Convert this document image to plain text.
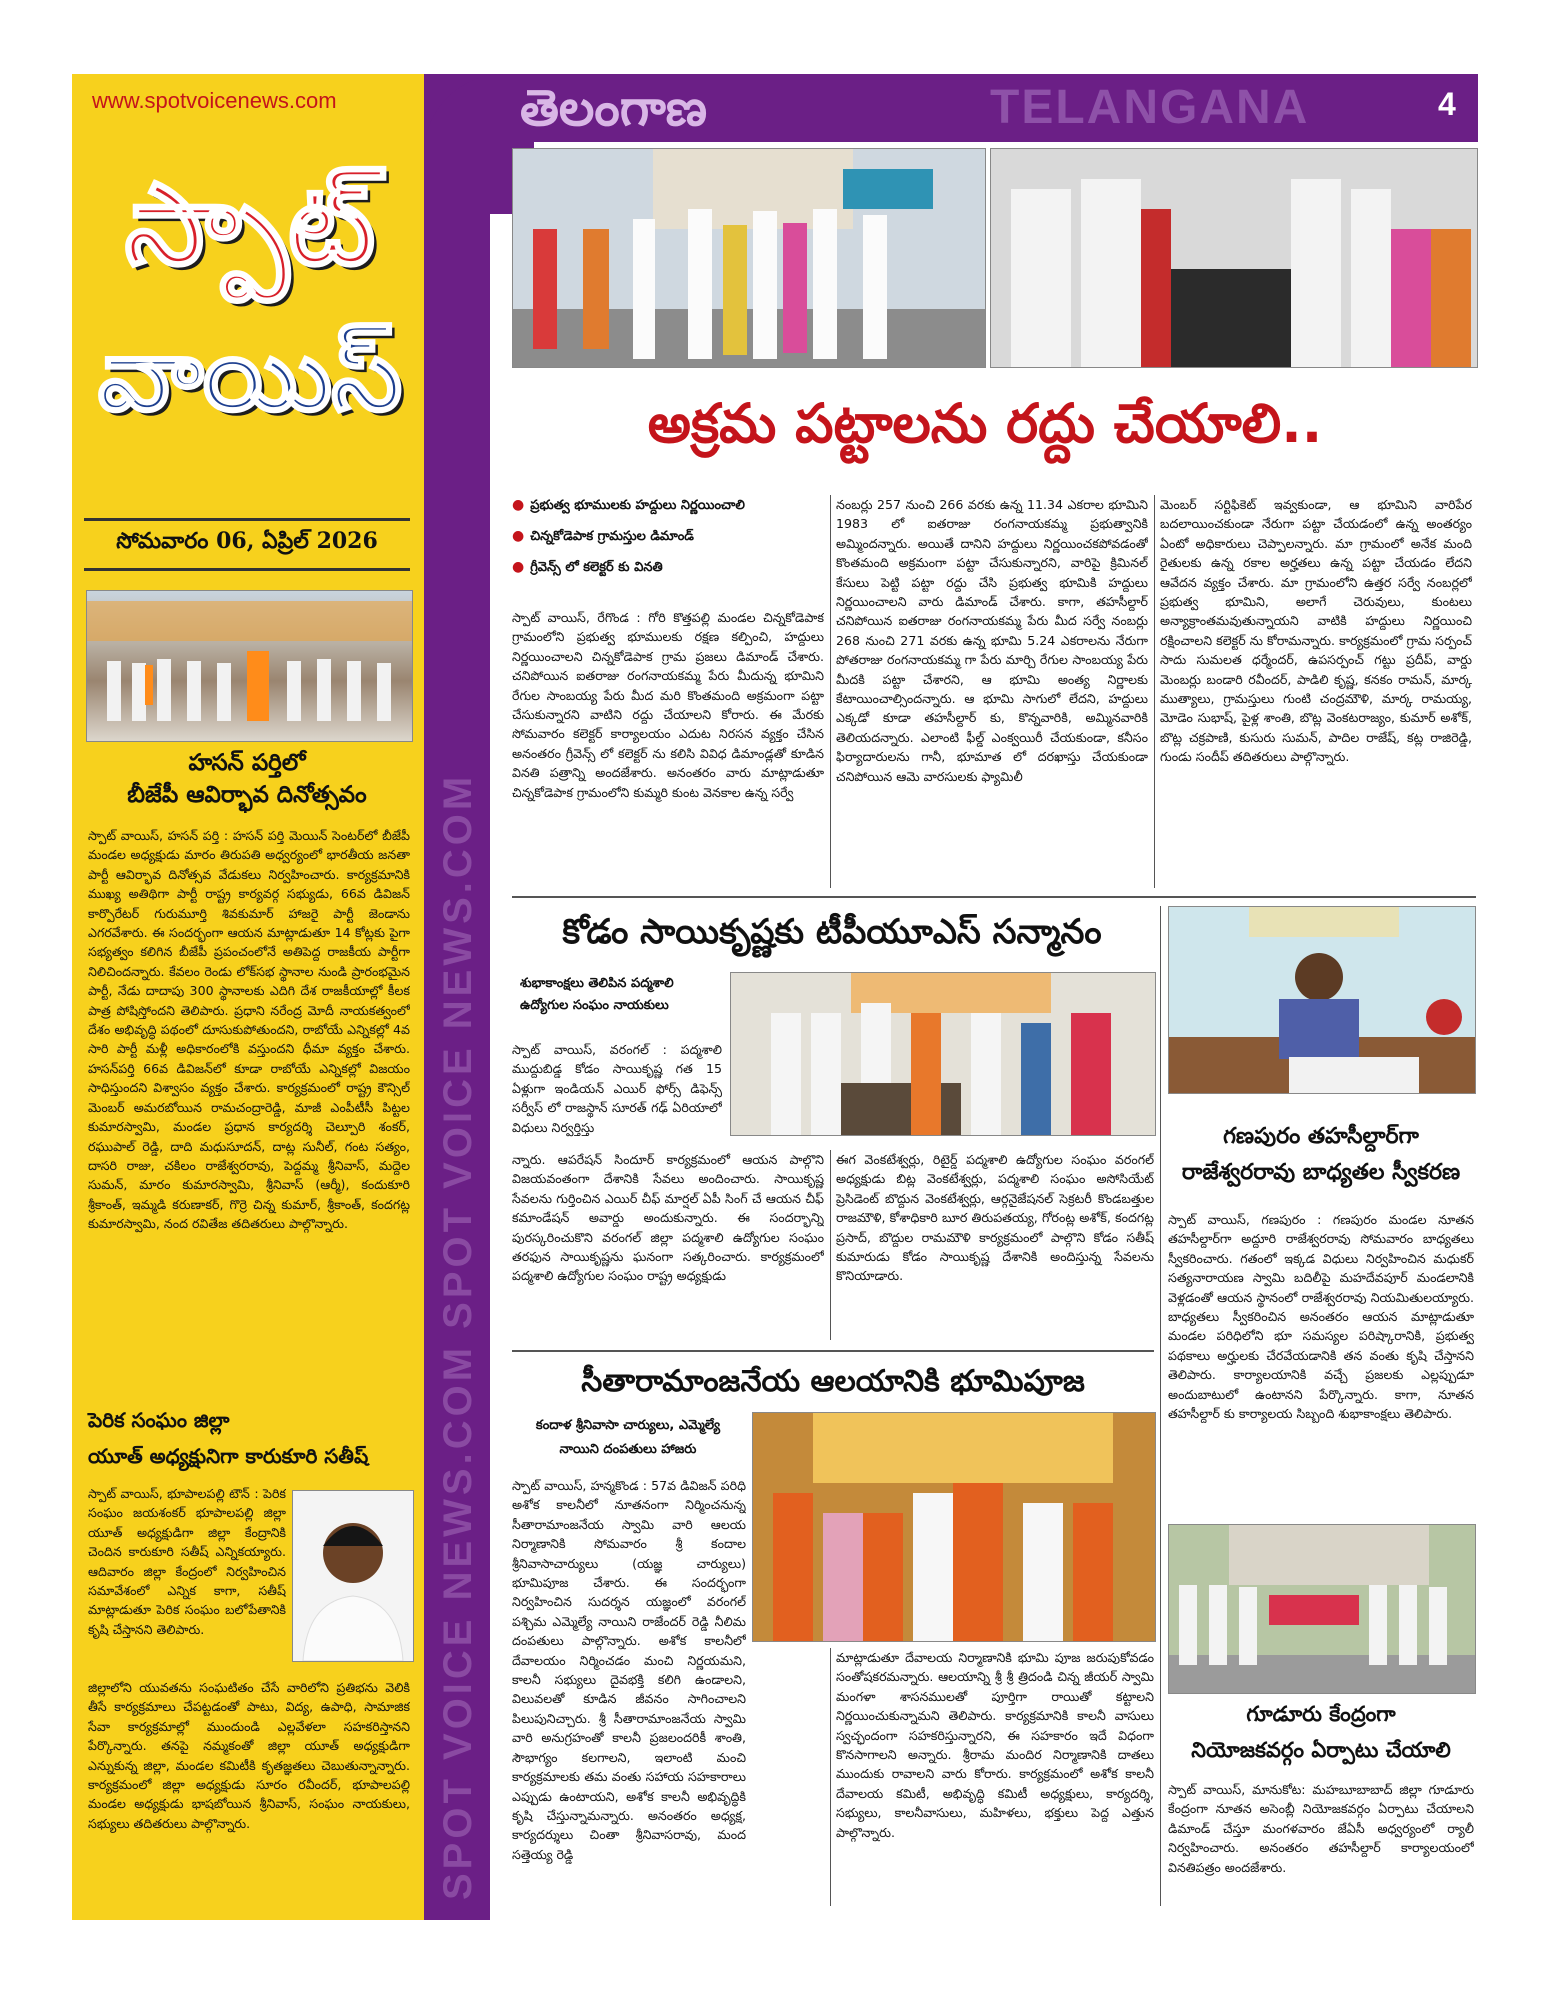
www.spotvoicenews.com
స్పాట్
వాయిస్
సోమవారం 06, ఏప్రిల్ 2026
హసన్ పర్తిలో
బీజేపీ ఆవిర్భావ దినోత్సవం
స్పాట్ వాయిస్, హసన్ పర్తి : హసన్ పర్తి మెయిన్ సెంటర్‌లో బీజేపీ మండల అధ్యక్షుడు మారం తిరుపతి అధ్వర్యంలో భారతీయ జనతా పార్టీ ఆవిర్భావ దినోత్సవ వేడుకలు నిర్వహించారు. కార్యక్రమానికి ముఖ్య అతిథిగా పార్టీ రాష్ట్ర కార్యవర్గ సభ్యుడు, 66వ డివిజన్ కార్పొరేటర్ గురుమూర్తి శివకుమార్ హాజరై పార్టీ జెండాను ఎగరవేశారు. ఈ సందర్భంగా ఆయన మాట్లాడుతూ 14 కోట్లకు పైగా సభ్యత్వం కలిగిన బీజేపీ ప్రపంచంలోనే అతిపెద్ద రాజకీయ పార్టీగా నిలిచిందన్నారు. కేవలం రెండు లోక్‌సభ స్థానాల నుండి ప్రారంభమైన పార్టీ, నేడు దాదాపు 300 స్థానాలకు ఎదిగి దేశ రాజకీయాల్లో కీలక పాత్ర పోషిస్తోందని తెలిపారు. ప్రధాని నరేంద్ర మోదీ నాయకత్వంలో దేశం అభివృద్ధి పథంలో దూసుకుపోతుందని, రాబోయే ఎన్నికల్లో 4వ సారి పార్టీ మళ్లీ అధికారంలోకి వస్తుందని ధీమా వ్యక్తం చేశారు. హసన్‌పర్తి 66వ డివిజన్‌లో కూడా రాబోయే ఎన్నికల్లో విజయం సాధిస్తుందని విశ్వాసం వ్యక్తం చేశారు. కార్యక్రమంలో రాష్ట్ర కౌన్సిల్ మెంబర్ అమరబోయిన రామచంద్రారెడ్డి, మాజీ ఎంపీటీసీ పిట్టల కుమారస్వామి, మండల ప్రధాన కార్యదర్శి చెల్పూరి శంకర్, రఘుపాల్ రెడ్డి, దాది మధుసూదన్, దాట్ల సునీల్, గంట సత్యం, దాసరి రాజు, చకిలం రాజేశ్వరరావు, పెద్దమ్మ శ్రీనివాస్, మద్దెల సుమన్, మారం కుమారస్వామి, శ్రీనివాస్ (ఆర్మీ), కందుకూరి శ్రీకాంత్, ఇమ్మడి కరుణాకర్, గొర్రె చిన్న కుమార్, శ్రీకాంత్, కందగట్ల కుమారస్వామి, నంద రవితేజ తదితరులు పాల్గొన్నారు.
పెరిక సంఘం జిల్లా
యూత్ అధ్యక్షునిగా కారుకూరి సతీష్
స్పాట్ వాయిస్, భూపాలపల్లి టౌన్ : పెరిక సంఘం జయశంకర్ భూపాలపల్లి జిల్లా యూత్ అధ్యక్షుడిగా జిల్లా కేంద్రానికి చెందిన కారుకూరి సతీష్ ఎన్నికయ్యారు. ఆదివారం జిల్లా కేంద్రంలో నిర్వహించిన సమావేశంలో ఎన్నిక కాగా, సతీష్ మాట్లాడుతూ పెరిక సంఘం బలోపేతానికి కృషి చేస్తానని తెలిపారు.
జిల్లాలోని యువతను సంఘటితం చేసే వారిలోని ప్రతిభను వెలికి తీసే కార్యక్రమాలు చేపట్టడంతో పాటు, విద్య, ఉపాధి, సామాజిక సేవా కార్యక్రమాల్లో ముందుండి ఎల్లవేళలా సహకరిస్తానని పేర్కొన్నారు. తనపై నమ్మకంతో జిల్లా యూత్ అధ్యక్షుడిగా ఎన్నుకున్న జిల్లా, మండల కమిటీకి కృతజ్ఞతలు చెబుతున్నాన్నారు. కార్యక్రమంలో జిల్లా అధ్యక్షుడు సూరం రవీందర్, భూపాలపల్లి మండల అధ్యక్షుడు భాషబోయిన శ్రీనివాస్, సంఘం నాయకులు, సభ్యులు తదితరులు పాల్గొన్నారు.	SPOT VOICE NEWS.COM SPOT VOICE NEWS.COM
తెలంగాణ	TELANGANA	4
అక్రమ పట్టాలను రద్దు చేయాలి..
● ప్రభుత్వ భూములకు హద్దులు నిర్ణయించాలి
● చిన్నకోడెపాక గ్రామస్తుల డిమాండ్
● గ్రీవెన్స్ లో కలెక్టర్ కు వినతి
స్పాట్ వాయిస్, రేగొండ : గోరి కొత్తపల్లి మండల చిన్నకోడెపాక గ్రామంలోని ప్రభుత్వ భూములకు రక్షణ కల్పించి, హద్దులు నిర్ణయించాలని చిన్నకోడెపాక గ్రామ ప్రజలు డిమాండ్ చేశారు. చనిపోయిన ఐతరాజు రంగనాయకమ్మ పేరు మీదున్న భూమిని రేగుల సాంబయ్య పేరు మీద మరి కొంతమంది అక్రమంగా పట్టా చేసుకున్నారని వాటిని రద్దు చేయాలని కోరారు. ఈ మేరకు సోమవారం కలెక్టర్ కార్యాలయం ఎదుట నిరసన వ్యక్తం చేసిన అనంతరం గ్రీవెన్స్ లో కలెక్టర్ ను కలిసి వివిధ డిమాండ్లతో కూడిన వినతి పత్రాన్ని అందజేశారు. అనంతరం వారు మాట్లాడుతూ చిన్నకోడెపాక గ్రామంలోని కుమ్మరి కుంట వెనకాల ఉన్న సర్వే
నంబర్లు 257 నుంచి 266 వరకు ఉన్న 11.34 ఎకరాల భూమిని 1983 లో ఐతరాజు రంగనాయకమ్మ ప్రభుత్వానికి అమ్మిందన్నారు. అయితే దానిని హద్దులు నిర్ణయించకపోవడంతో కొంతమంది అక్రమంగా పట్టా చేసుకున్నారని, వారిపై క్రిమినల్ కేసులు పెట్టి పట్టా రద్దు చేసి ప్రభుత్వ భూమికి హద్దులు నిర్ణయించాలని వారు డిమాండ్ చేశారు. కాగా, తహసీల్దార్ చనిపోయిన ఐతరాజు రంగనాయకమ్మ పేరు మీద సర్వే నంబర్లు 268 నుంచి 271 వరకు ఉన్న భూమి 5.24 ఎకరాలను నేరుగా పోతరాజు రంగనాయకమ్మ గా పేరు మార్చి రేగుల సాంబయ్య పేరు మీదకి పట్టా చేశారని, ఆ భూమి అంత్య నిర్ణాలకు కేటాయించాల్సిందన్నారు. ఆ భూమి సాగులో లేదని, హద్దులు ఎక్కడో కూడా తహసీల్దార్ కు, కొన్నవారికి, అమ్మినవారికి తెలియదన్నారు. ఎలాంటి ఫీల్డ్ ఎంక్వయిరీ చేయకుండా, కనీసం ఫిర్యాదారులను గానీ, భూమాత లో దరఖాస్తు చేయకుండా చనిపోయిన ఆమె వారసులకు ఫ్యామిలీ
మెంబర్ సర్టిఫికెట్ ఇవ్వకుండా, ఆ భూమిని వారిపేర బదలాయించకుండా నేరుగా పట్టా చేయడంలో ఉన్న అంతర్యం ఏంటో అధికారులు చెప్పాలన్నారు. మా గ్రామంలో అనేక మంది రైతులకు ఉన్న రకాల అర్హతలు ఉన్న పట్టా చేయడం లేదని ఆవేదన వ్యక్తం చేశారు. మా గ్రామంలోని ఉత్తర సర్వే నంబర్లలో ప్రభుత్వ భూమిని, అలాగే చెరువులు, కుంటలు అన్యాక్రాంతమవుతున్నాయని వాటికి హద్దులు నిర్ణయించి రక్షించాలని కలెక్టర్ ను కోరామన్నారు. కార్యక్రమంలో గ్రామ సర్పంచ్ సాదు సుమలత ధర్మేందర్, ఉపసర్పంచ్ గట్టు ప్రదీప్, వార్డు మెంబర్లు బండారి రవీందర్, పాడిలి కృష్ణ, కనకం రామన్, మార్క ముత్యాలు, గ్రామస్తులు గుంటి చంద్రమౌళి, మార్క రామయ్య, మోడెం సుభాష్, పైళ్ల శాంతి, బొట్ల వెంకటరాజ్యం, కుమార్ అశోక్, బొట్ల చక్రపాణి, కుసురు సుమన్, పాదిల రాజేష్, కట్ల రాజిరెడ్డి, గుండు సందీప్ తదితరులు పాల్గొన్నారు.
కోడం సాయికృష్ణకు టీపీయూఎస్ సన్మానం
శుభాకాంక్షలు తెలిపిన పద్మశాలి
ఉద్యోగుల సంఘం నాయకులు
స్పాట్ వాయిస్, వరంగల్ : పద్మశాలి ముద్దుబిడ్డ కోడం సాయికృష్ణ గత 15 ఏళ్లుగా ఇండియన్ ఎయిర్ ఫోర్స్ డిఫెన్స్ సర్వీస్ లో రాజస్థాన్ సూరత్ గఢ్ ఏరియాలో విధులు నిర్వర్తిస్తు
న్నారు. ఆపరేషన్ సిందూర్ కార్యక్రమంలో ఆయన పాల్గొని విజయవంతంగా దేశానికి సేవలు అందించారు. సాయికృష్ణ సేవలను గుర్తించిన ఎయిర్ చీఫ్ మార్షల్ ఏపీ సింగ్ చే ఆయన చీఫ్ కమాండేషన్ అవార్డు అందుకున్నారు. ఈ సందర్భాన్ని పురస్కరించుకొని వరంగల్ జిల్లా పద్మశాలి ఉద్యోగుల సంఘం తరఫున సాయికృష్ణను ఘనంగా సత్కరించారు. కార్యక్రమంలో పద్మశాలి ఉద్యోగుల సంఘం రాష్ట్ర అధ్యక్షుడు
ఈగ వెంకటేశ్వర్లు, రిటైర్డ్ పద్మశాలి ఉద్యోగుల సంఘం వరంగల్ అధ్యక్షుడు బిట్ల వెంకటేశ్వర్లు, పద్మశాలి సంఘం అసోసియేట్ ప్రెసిడెంట్ బొద్దున వెంకటేశ్వర్లు, ఆర్గనైజేషనల్ సెక్రటరీ కొండబత్తుల రాజమౌళి, కోశాధికారి బూర తిరుపతయ్య, గోరంట్ల అశోక్, కందగట్ల ప్రసాద్, బొద్దుల రామమౌళి కార్యక్రమంలో పాల్గొని కోడం సతీష్ కుమారుడు కోడం సాయికృష్ణ దేశానికి అందిస్తున్న సేవలను కొనియాడారు.
సీతారామాంజనేయ ఆలయానికి భూమిపూజ
కందాళ శ్రీనివాసా చార్యులు, ఎమ్మెల్యే
నాయిని దంపతులు హాజరు
స్పాట్ వాయిస్, హన్మకొండ : 57వ డివిజన్ పరిధి అశోక కాలనీలో నూతనంగా నిర్మించనున్న సీతారామాంజనేయ స్వామి వారి ఆలయ నిర్మాణానికి సోమవారం శ్రీ కందాల శ్రీనివాసాచార్యులు (యజ్ఞ చార్యులు) భూమిపూజ చేశారు. ఈ సందర్భంగా నిర్వహించిన సుదర్శన యజ్ఞంలో వరంగల్ పశ్చిమ ఎమ్మెల్యే నాయిని రాజేందర్ రెడ్డి నీలిమ దంపతులు పాల్గొన్నారు. అశోక కాలనీలో దేవాలయం నిర్మించడం మంచి నిర్ణయమని, కాలనీ సభ్యులు దైవభక్తి కలిగి ఉండాలని, విలువలతో కూడిన జీవనం సాగించాలని పిలుపునిచ్చారు. శ్రీ సీతారామాంజనేయ స్వామి వారి అనుగ్రహంతో కాలనీ ప్రజలందరికీ శాంతి, సౌభాగ్యం కలగాలని, ఇలాంటి మంచి కార్యక్రమాలకు తమ వంతు సహాయ సహకారాలు ఎప్పుడు ఉంటాయని, అశోక కాలనీ అభివృద్ధికి కృషి చేస్తున్నామన్నారు. అనంతరం అధ్యక్ష, కార్యదర్శులు చింతా శ్రీనివాసరావు, మంద సత్తెయ్య రెడ్డి
మాట్లాడుతూ దేవాలయ నిర్మాణానికి భూమి పూజ జరుపుకోవడం సంతోషకరమన్నారు. ఆలయాన్ని శ్రీ శ్రీ త్రిదండి చిన్న జీయర్ స్వామి మంగళా శాసనములతో పూర్తిగా రాయితో కట్టాలని నిర్ణయించుకున్నామని తెలిపారు. కార్యక్రమానికి కాలనీ వాసులు స్వచ్ఛందంగా సహకరిస్తున్నారని, ఈ సహకారం ఇదే విధంగా కొనసాగాలని అన్నారు. శ్రీరామ మందిర నిర్మాణానికి దాతలు ముందుకు రావాలని వారు కోరారు. కార్యక్రమంలో అశోక కాలనీ దేవాలయ కమిటీ, అభివృద్ధి కమిటీ అధ్యక్షులు, కార్యదర్శి, సభ్యులు, కాలనీవాసులు, మహిళలు, భక్తులు పెద్ద ఎత్తున పాల్గొన్నారు.
గణపురం తహసీల్దార్‌గా
రాజేశ్వరరావు బాధ్యతల స్వీకరణ
స్పాట్ వాయిస్, గణపురం : గణపురం మండల నూతన తహసీల్దార్‌గా అద్దూరి రాజేశ్వరరావు సోమవారం బాధ్యతలు స్వీకరించారు. గతంలో ఇక్కడ విధులు నిర్వహించిన మధుకర్ సత్యనారాయణ స్వామి బదిలీపై మహదేవపూర్ మండలానికి వెళ్లడంతో ఆయన స్థానంలో రాజేశ్వరరావు నియమితులయ్యారు. బాధ్యతలు స్వీకరించిన అనంతరం ఆయన మాట్లాడుతూ మండల పరిధిలోని భూ సమస్యల పరిష్కారానికి, ప్రభుత్వ పథకాలు అర్హులకు చేరవేయడానికి తన వంతు కృషి చేస్తానని తెలిపారు. కార్యాలయానికి వచ్చే ప్రజలకు ఎల్లప్పుడూ అందుబాటులో ఉంటానని పేర్కొన్నారు. కాగా, నూతన తహసీల్దార్ కు కార్యాలయ సిబ్బంది శుభాకాంక్షలు తెలిపారు.
గూడూరు కేంద్రంగా
నియోజకవర్గం ఏర్పాటు చేయాలి
స్పాట్ వాయిస్, మానుకోట: మహబూబాబాద్ జిల్లా గూడూరు కేంద్రంగా నూతన అసెంబ్లీ నియోజకవర్గం ఏర్పాటు చేయాలని డిమాండ్ చేస్తూ మంగళవారం జేఏసీ అధ్వర్యంలో ర్యాలీ నిర్వహించారు. అనంతరం తహసీల్దార్ కార్యాలయంలో వినతిపత్రం అందజేశారు.
